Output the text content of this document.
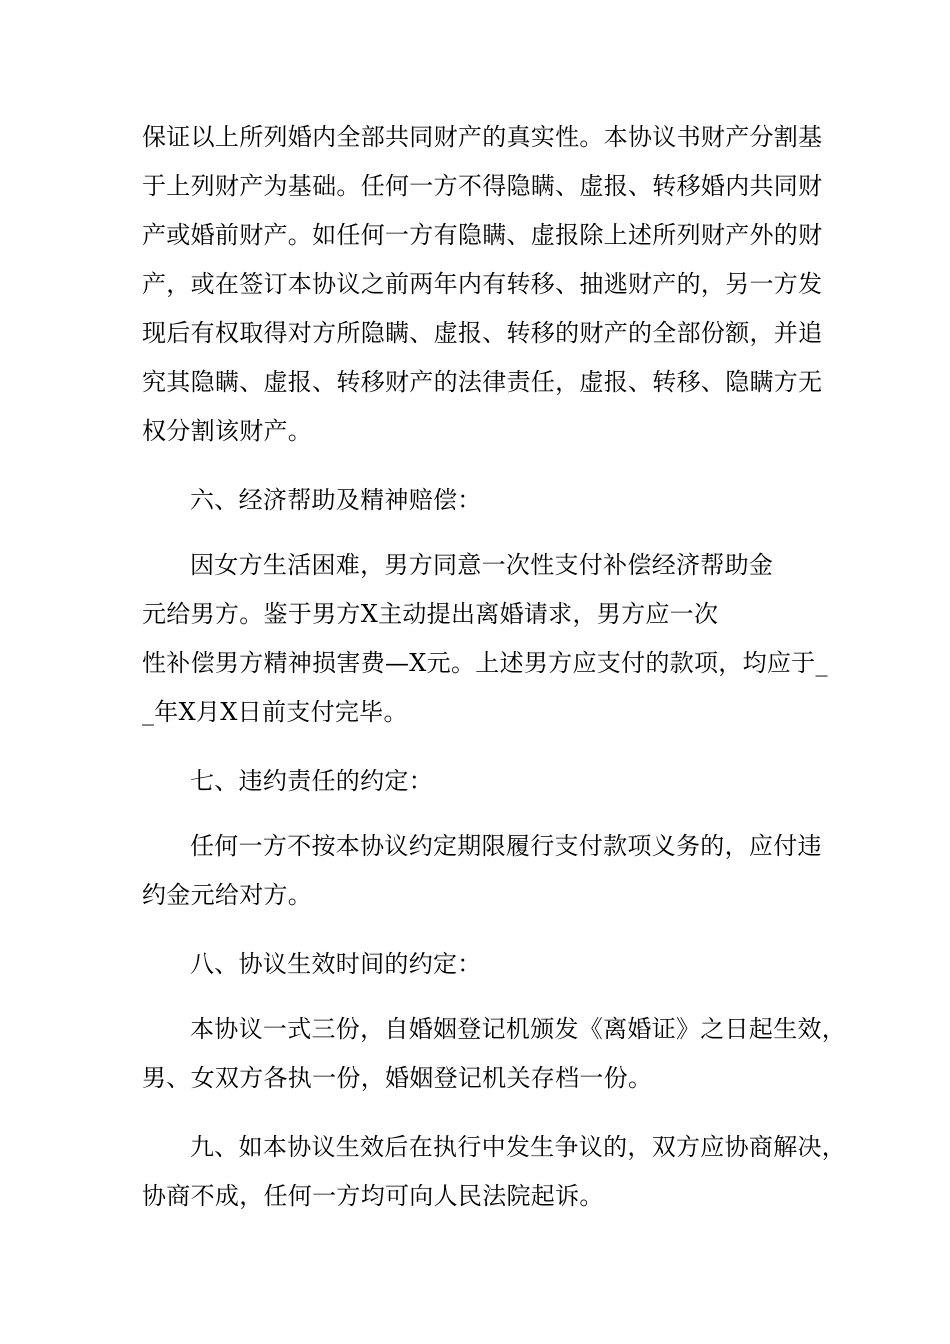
保证以上所列婚内全部共同财产的真实性。本协议书财产分割基
于上列财产为基础。任何一方不得隐瞒、虚报、转移婚内共同财
产或婚前财产。如任何一方有隐瞒、虚报除上述所列财产外的财
产，或在签订本协议之前两年内有转移、抽逃财产的，另一方发
现后有权取得对方所隐瞒、虚报、转移的财产的全部份额，并追
究其隐瞒、虚报、转移财产的法律责任，虚报、转移、隐瞒方无
权分割该财产。
六、经济帮助及精神赔偿：
因女方生活困难，男方同意一次性支付补偿经济帮助金
元给男方。鉴于男方X主动提出离婚请求，男方应一次
性补偿男方精神损害费—X元。上述男方应支付的款项，均应于_
_年X月X日前支付完毕。
七、违约责任的约定：
任何一方不按本协议约定期限履行支付款项义务的，应付违
约金元给对方。
八、协议生效时间的约定：
本协议一式三份，自婚姻登记机颁发《离婚证》之日起生效，
男、女双方各执一份，婚姻登记机关存档一份。
九、如本协议生效后在执行中发生争议的，双方应协商解决，
协商不成，任何一方均可向人民法院起诉。
